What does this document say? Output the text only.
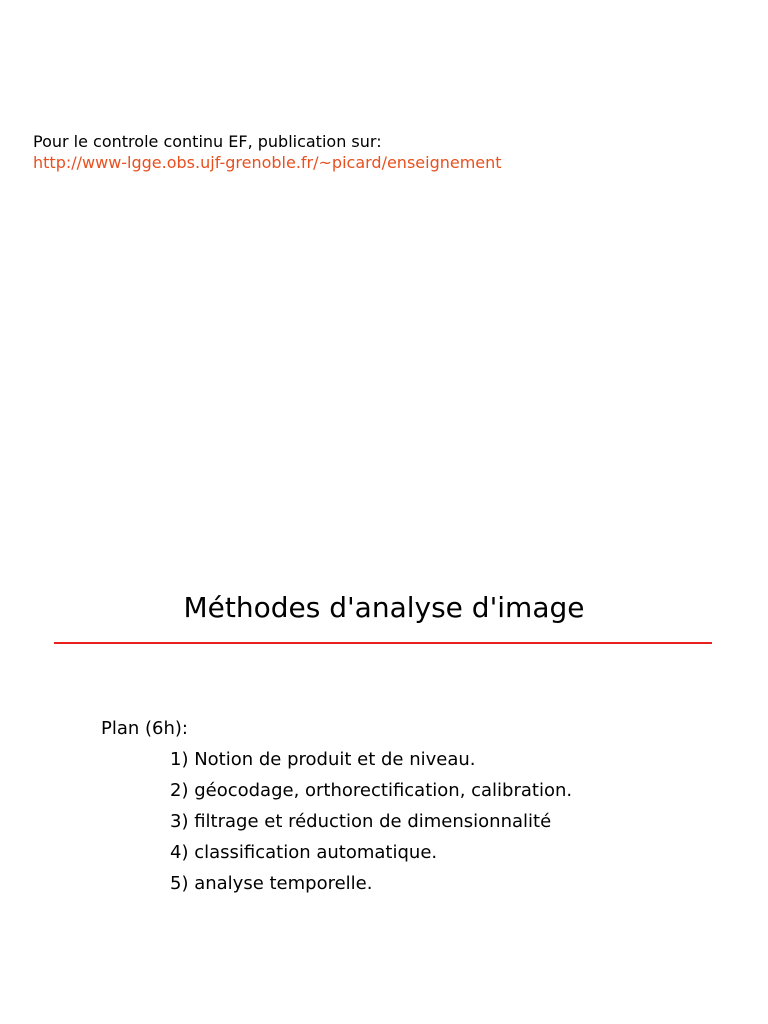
Pour le controle continu EF, publication sur:
http://www-lgge.obs.ujf-grenoble.fr/~picard/enseignement
Méthodes d'analyse d'image
Plan (6h):
1) Notion de produit et de niveau.
2) géocodage, orthorectification, calibration.
3) filtrage et réduction de dimensionnalité
4) classification automatique.
5) analyse temporelle.
